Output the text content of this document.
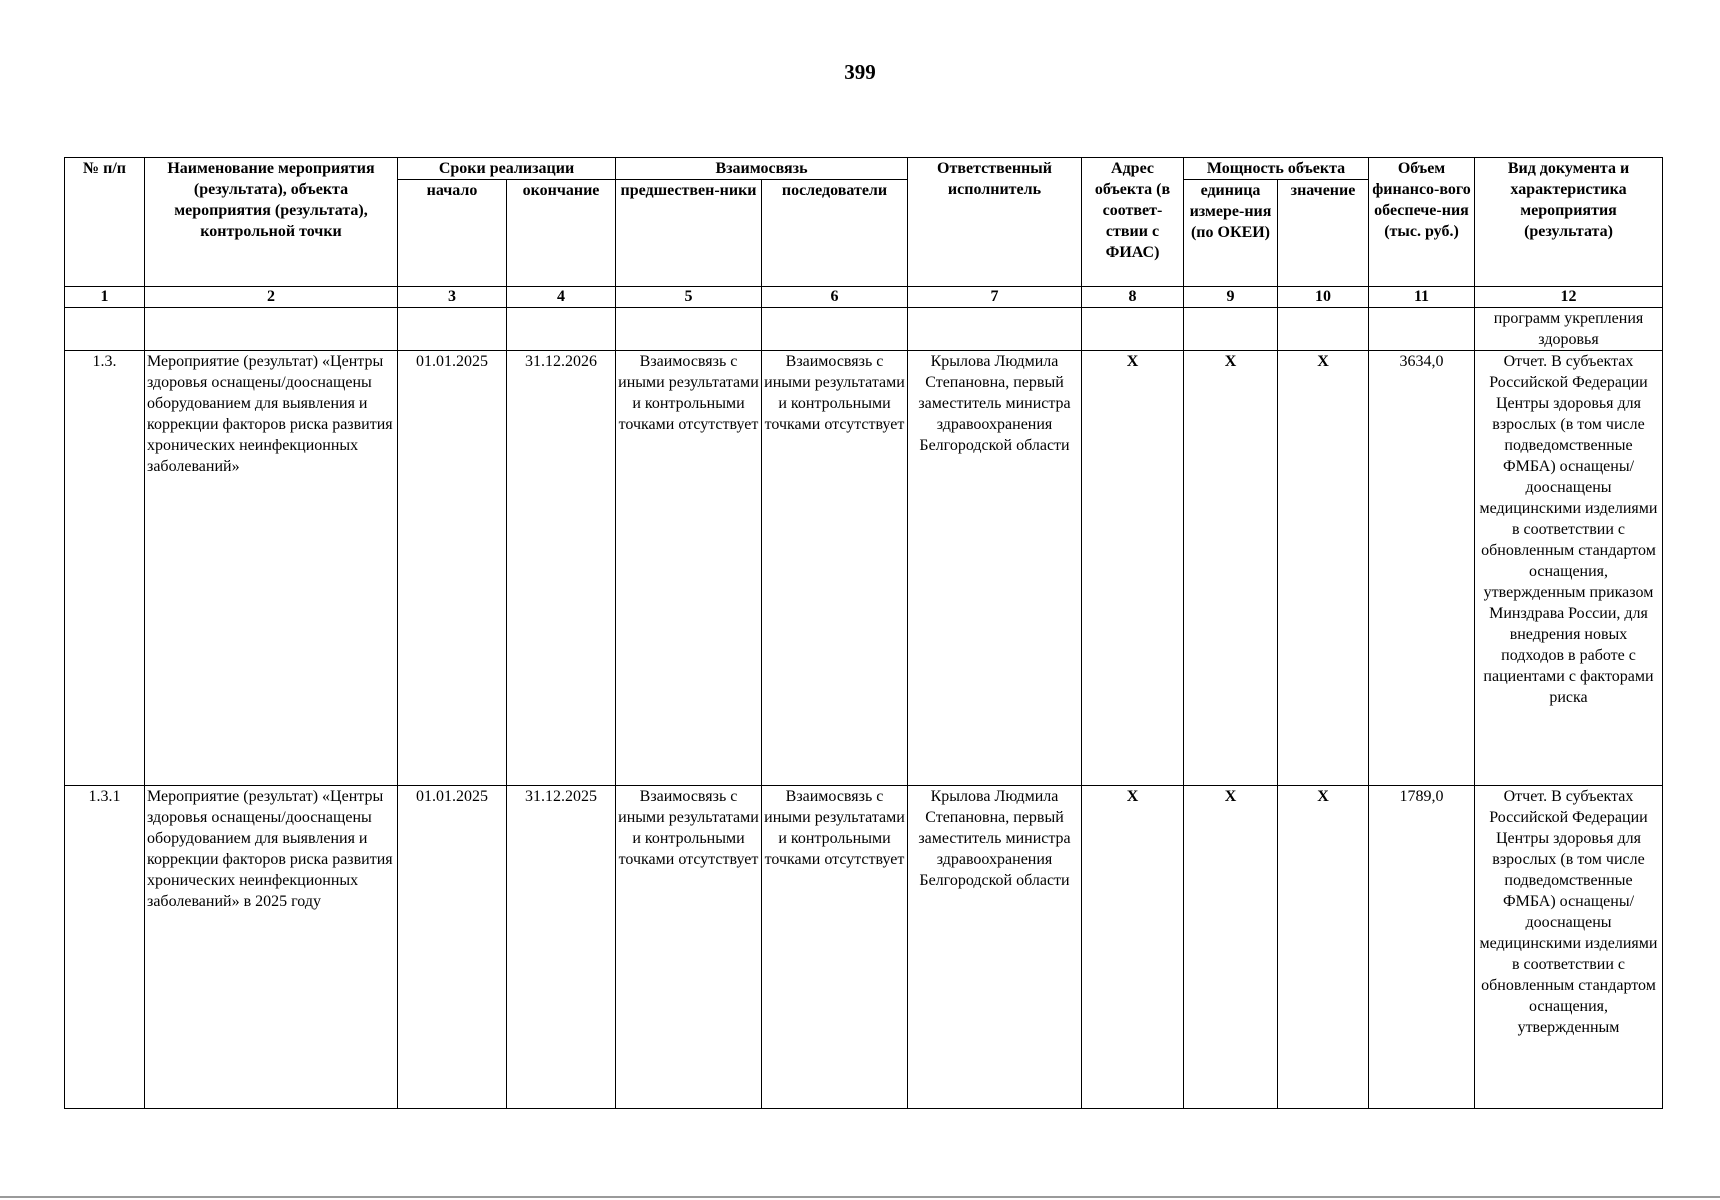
399
№ п/п	Наименование мероприятия (результата), объекта мероприятия (результата), контрольной точки	Сроки реализации		Взаимосвязь		Ответственный исполнитель	Адрес объекта (в соответ-ствии с ФИАС)	Мощность объекта		Объем финансо-вого обеспече-ния (тыс. руб.)	Вид документа и характеристика мероприятия (результата)
		начало	окончание	предшествен-ники	последователи			единица измере-ния (по ОКЕИ)	значение		
1	2	3	4	5	6	7	8	9	10	11	12
											программ укрепления здоровья
1.3.	Мероприятие (результат) «Центры здоровья оснащены/дооснащены оборудованием для выявления и коррекции факторов риска развития хронических неинфекционных заболеваний»	01.01.2025	31.12.2026	Взаимосвязь с иными результатами и контрольными точками отсутствует	Взаимосвязь с иными результатами и контрольными точками отсутствует	Крылова Людмила Степановна, первый заместитель министра здравоохранения Белгородской области	X	X	X	3634,0	Отчет. В субъектах Российской Федерации Центры здоровья для взрослых (в том числе подведомственные ФМБА) оснащены/ дооснащены медицинскими изделиями в соответствии с обновленным стандартом оснащения, утвержденным приказом Минздрава России, для внедрения новых подходов в работе с пациентами с факторами риска
1.3.1	Мероприятие (результат) «Центры здоровья оснащены/дооснащены оборудованием для выявления и коррекции факторов риска развития хронических неинфекционных заболеваний» в 2025 году	01.01.2025	31.12.2025	Взаимосвязь с иными результатами и контрольными точками отсутствует	Взаимосвязь с иными результатами и контрольными точками отсутствует	Крылова Людмила Степановна, первый заместитель министра здравоохранения Белгородской области	X	X	X	1789,0	Отчет. В субъектах Российской Федерации Центры здоровья для взрослых (в том числе подведомственные ФМБА) оснащены/ дооснащены медицинскими изделиями в соответствии с обновленным стандартом оснащения, утвержденным
